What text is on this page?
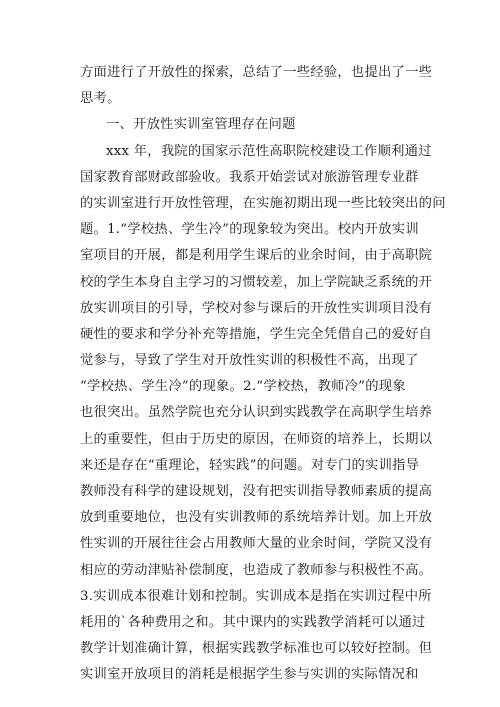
方面进行了开放性的探索，总结了一些经验，也提出了一些
思考。
一、开放性实训室管理存在问题
xxx 年，我院的国家示范性高职院校建设工作顺利通过
国家教育部财政部验收。我系开始尝试对旅游管理专业群
的实训室进行开放性管理，在实施初期出现一些比较突出的问
题。1.“学校热、学生冷”的现象较为突出。校内开放实训
室项目的开展，都是利用学生课后的业余时间，由于高职院
校的学生本身自主学习的习惯较差，加上学院缺乏系统的开
放实训项目的引导，学校对参与课后的开放性实训项目没有
硬性的要求和学分补充等措施，学生完全凭借自己的爱好自
觉参与，导致了学生对开放性实训的积极性不高，出现了
“学校热、学生冷”的现象。2.“学校热，教师冷”的现象
也很突出。虽然学院也充分认识到实践教学在高职学生培养
上的重要性，但由于历史的原因，在师资的培养上，长期以
来还是存在“重理论，轻实践”的问题。对专门的实训指导
教师没有科学的建设规划，没有把实训指导教师素质的提高
放到重要地位，也没有实训教师的系统培养计划。加上开放
性实训的开展往往会占用教师大量的业余时间，学院又没有
相应的劳动津贴补偿制度，也造成了教师参与积极性不高。
3.实训成本很难计划和控制。实训成本是指在实训过程中所
耗用的`各种费用之和。其中课内的实践教学消耗可以通过
教学计划准确计算，根据实践教学标准也可以较好控制。但
实训室开放项目的消耗是根据学生参与实训的实际情况和
